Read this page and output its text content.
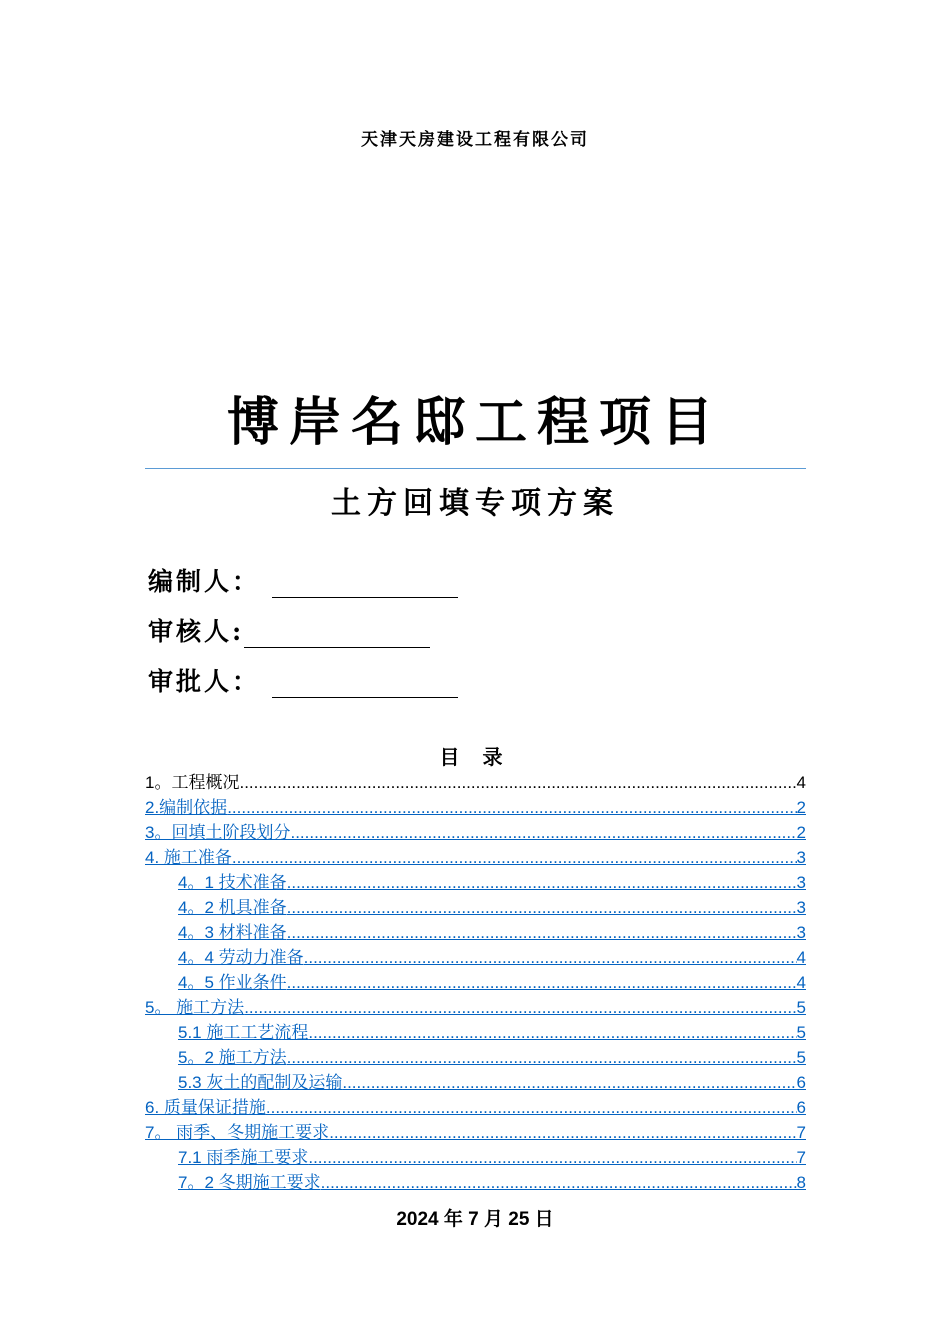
天津天房建设工程有限公司
博岸名邸工程项目
土方回填专项方案
编制人：
审核人:
审批人：
目 录
1。工程概况 .....	4
2.编制依据 .....	2
3。回填土阶段划分 .....	2
4. 施工准备 .....	3
4。1 技术准备 .....	3
4。2 机具准备 .....	3
4。3 材料准备 .....	3
4。4 劳动力准备 .....	4
4。5 作业条件 .....	4
5。 施工方法 .....	5
5.1 施工工艺流程 .....	5
5。2 施工方法 .....	5
5.3 灰土的配制及运输 .....	6
6. 质量保证措施 .....	6
7。 雨季、冬期施工要求 .....	7
7.1 雨季施工要求 .....	7
7。2 冬期施工要求 .....	8
2024 年 7 月 25 日
